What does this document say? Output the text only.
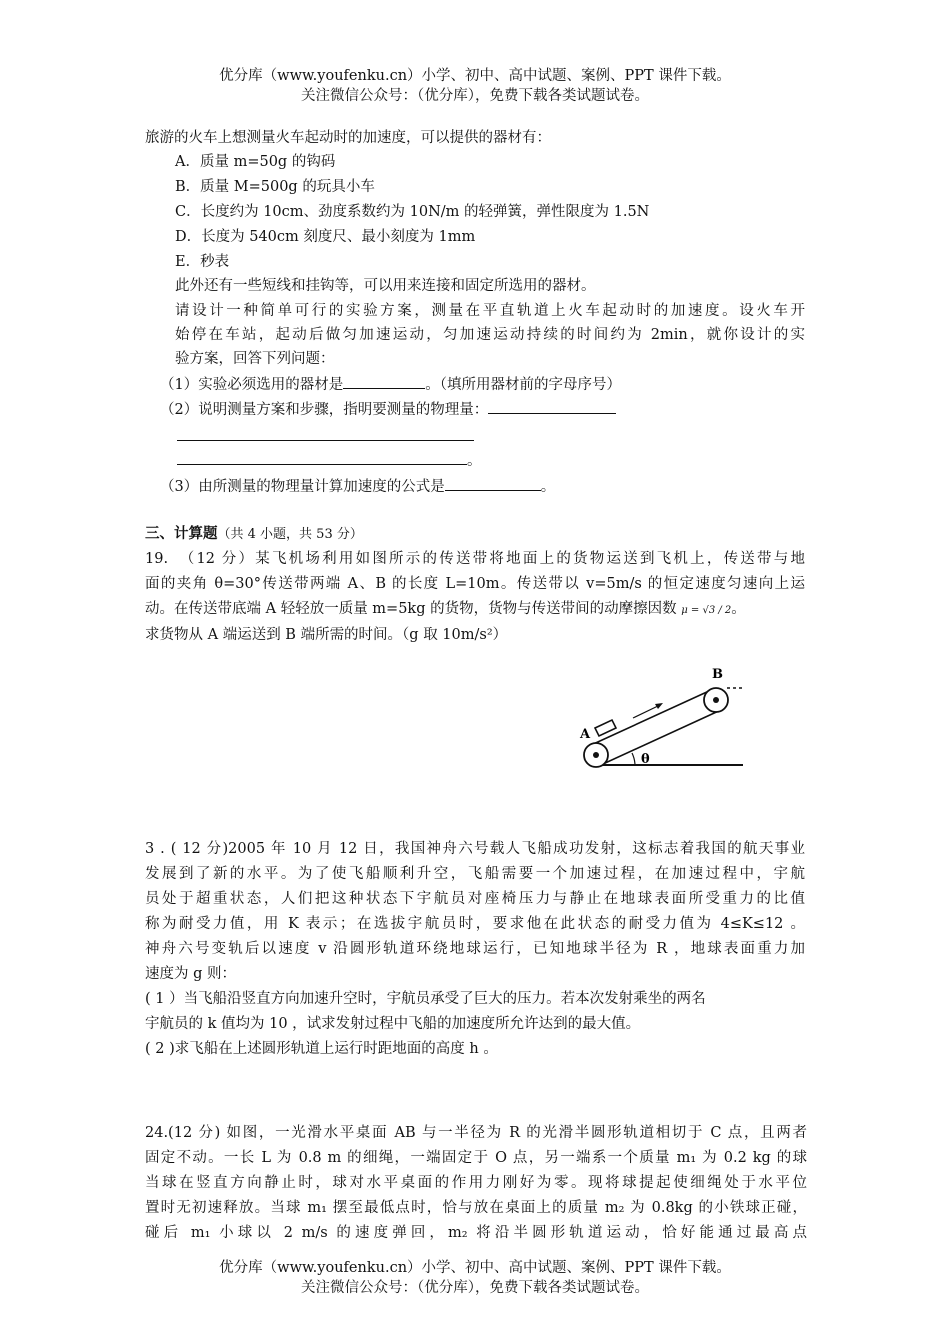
优分库（www.youfenku.cn）小学、初中、高中试题、案例、PPT 课件下载。
关注微信公众号：（优分库），免费下载各类试题试卷。
旅游的火车上想测量火车起动时的加速度，可以提供的器材有：
A．质量 m=50g 的钩码
B．质量 M=500g 的玩具小车
C．长度约为 10cm、劲度系数约为 10N/m 的轻弹簧，弹性限度为 1.5N
D．长度为 540cm 刻度尺、最小刻度为 1mm
E．秒表
此外还有一些短线和挂钩等，可以用来连接和固定所选用的器材。
请设计一种简单可行的实验方案，测量在平直轨道上火车起动时的加速度。设火车开
始停在车站，起动后做匀加速运动，匀加速运动持续的时间约为 2min，就你设计的实
验方案，回答下列问题：
（1）实验必须选用的器材是	。（填所用器材前的字母序号）
（2）说明测量方案和步骤，指明要测量的物理量：
。
（3）由所测量的物理量计算加速度的公式是	。
三、计算题（共 4 小题，共 53 分）
19.　（12 分）某飞机场利用如图所示的传送带将地面上的货物运送到飞机上，传送带与地
面的夹角 θ=30°传送带两端 A、B 的长度 L=10m。传送带以 v=5m/s 的恒定速度匀速向上运
动。在传送带底端 A 轻轻放一质量 m=5kg 的货物，货物与传送带间的动摩擦因数 μ = √3 / 2。
求货物从 A 端运送到 B 端所需的时间。（g 取 10m/s²）
A
B
θ
3 . ( 12 分)2005 年 10 月 12 日，我国神舟六号载人飞船成功发射，这标志着我国的航天事业
发展到了新的水平。为了使飞船顺利升空，飞船需要一个加速过程，在加速过程中，宇航
员处于超重状态，人们把这种状态下宇航员对座椅压力与静止在地球表面所受重力的比值
称为耐受力值，用 K 表示；在选拔宇航员时，要求他在此状态的耐受力值为 4≤K≤12 。
神舟六号变轨后以速度 v 沿圆形轨道环绕地球运行，已知地球半径为 R ，地球表面重力加
速度为 g 则：
( 1 ）当飞船沿竖直方向加速升空时，宇航员承受了巨大的压力。若本次发射乘坐的两名
宇航员的 k 值均为 10 ，试求发射过程中飞船的加速度所允许达到的最大值。
( 2 )求飞船在上述圆形轨道上运行时距地面的高度 h 。
24.(12 分) 如图，一光滑水平桌面 AB 与一半径为 R 的光滑半圆形轨道相切于 C 点，且两者
固定不动。一长 L 为 0.8 m 的细绳，一端固定于 O 点，另一端系一个质量 m₁ 为 0.2 kg 的球
当球在竖直方向静止时，球对水平桌面的作用力刚好为零。现将球提起使细绳处于水平位
置时无初速释放。当球 m₁ 摆至最低点时，恰与放在桌面上的质量 m₂ 为 0.8kg 的小铁球正碰，
碰后 m₁ 小球以 2 m/s 的速度弹回，m₂ 将沿半圆形轨道运动，恰好能通过最高点
优分库（www.youfenku.cn）小学、初中、高中试题、案例、PPT 课件下载。
关注微信公众号：（优分库），免费下载各类试题试卷。
